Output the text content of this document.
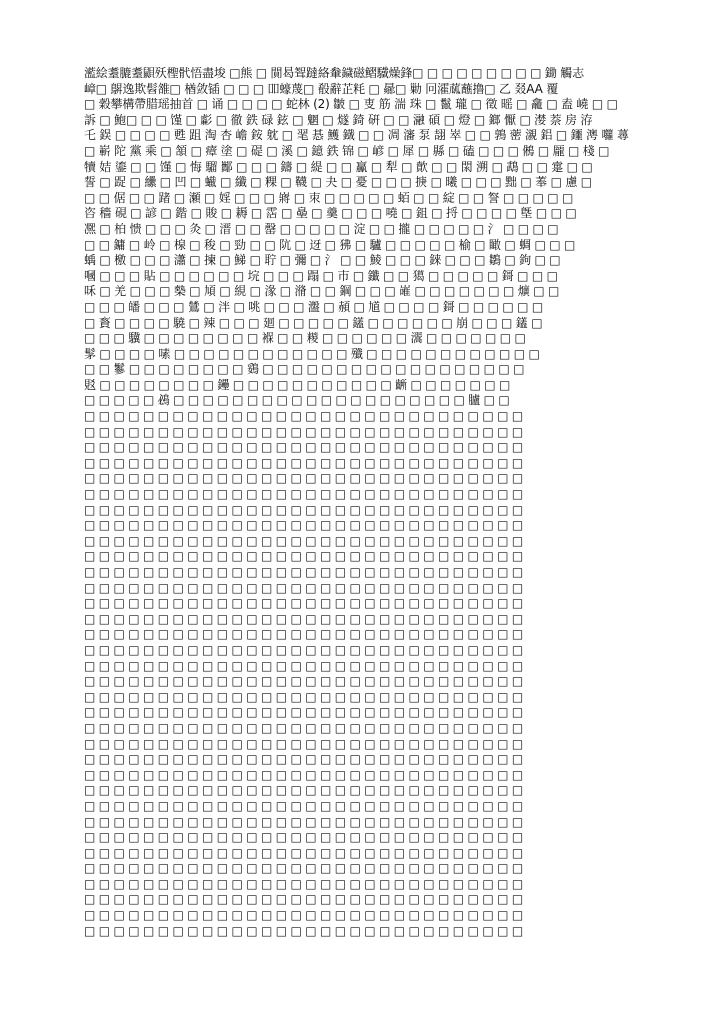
灆絵耋膔耋鼰殀檉骮悟盡埈 □熊 □ 閴曷聟躂絡軬鐬磁鳛驖燥鋒□ □ □ □ □ □ □ □ □ 鋤 觸志
嶂□ 鵿逸欺髫雒□ 楢敛锸 □ □ □ 吅蠔蔑□ 殽辭芷粍 □ 曏□ 勦 冋瀖蓏蘸撸□ 乙 叕AA 覆
□ 穀攀構帶腊瑶抽首 □ 诵 □ □ □ □ 蛇林 (2) 皺 □ 叓 筋 湍 珠 □ 鬣 瓏 □ 徵 暚 □ 龕 □ 盍 嶢 □ □
訴 □ 鮑□ □ □ 馑 □ 虨 □ 徹 鉄 碌 鉉 □ 魍 □ 燧 錡 硏 □ □ 瀜 碩 □ 燈 □ 鎯 懨 □ 漤 萘 房 洊
乇 鋘 □ □ □ □ 甦 跙 淘 杏 嶦 銨 躭 □ 毣 惎 鱯 鐡 □ □ 凋 瀋 泵 翓 崒 □ □ 鶉 蔤 瀙 鋁 □ 鑩 澚 囖 蕁
□ 嶄 陀 黨 乘 □ 頷 □ 瘴 塗 □ 碮 □ 溪 □ 鐿 鉄 锦 □ 嵃 □ 犀 □ 縣 □ 磕 □ □ □ 鵂 □ 龎 □ 棧 □
犢 姞 鎏 □ □ 馑 □ 悔 騮 酅 □ □ □ 鑄 □ 緹 □ □ 驘 □ 犁 □ 歕 □ □ 閖 溯 □ 鵡 □ □ 疐 □ □
誓 □ 踀 □ 纝 □ 凹 □ 蠘 □ 纖 □ 粿 □ 韈 □ 夬 □ 憂 □ □ □ 掶 □ 曦 □ □ □ 黜 □ 菶 □ 慮 □
□ □ 倨 □ □ 踷 □ 瀬 □ 婬 □ □ □ 嶈 □ 朿 □ □ □ □ □ 蛨 □ □ 綻 □ □ 詧 □ □ □ □ □
咨 穡 硯 □ 諺 □ 鍇 □ 賐 □ 耨 □ 霑 □ 皨 □ 羹 □ □ □ 嘵 □ 鉏 □ 捋 □ □ □ □ 墍 □ □ □
凞 □ 柏 愦 □ □ □ 灸 □ 溍 □ □ 罄 □ □ □ □ □ 淀 □ □ 攏 □ □ □ □ □ 氵 □ □ □ □
□ □ 鏞 □ 岭 □ 楾 □ 稄 □ 勁 □ □ 阬 □ 迓 □ 狒 □ 驢 □ □ □ □ □ 榆 □ 瞰 □ 蜩 □ □ □
蝺 □ 檄 □ □ □ 瀟 □ 揀 □ 鮷 □ 聍 □ 彌 □ 氵 □ □ 鯪 □ □ □ 錸 □ □ □ 鶵 □ 鉤 □ □
嘓 □ □ □ 貼 □ □ □ □ □ □ 垸 □ □ □ 蹋 □ 巿 □ 鑯 □ □ 獦 □ □ □ □ □ 鎶 □ □ □
咊 □ 羌 □ □ □ 槷 □ 頄 □ 絸 □ 湪 □ 潃 □ □ 鋼 □ □ □ 嶉 □ □ □ □ □ □ □ 爌 □ □
□ □ □ 皤 □ □ □ 鷥 □ 泮 □ 咷 □ □ □ 瀊 □ 頳 □ 馗 □ □ □ □ 鎶 □ □ □ □ □ □
□ 賌 □ □ □ □ 驍 □ 辣 □ □ □ 廻 □ □ □ □ □ 鑉 □ □ □ □ □ □ 崩 □ □ □ 鑉 □
□ □ □ 驥 □ □ □ □ □ □ □ □ 褓 □ □ 糉 □ □ □ □ □ □ 瀥 □ □ □ □ □ □ □
髳 □ □ □ □ 嗉 □ □ □ □ □ □ □ □ □ □ □ □ 殲 □ □ □ □ □ □ □ □ □ □ □ □
□ □ 鬖 □ □ □ □ □ □ □ □ 鵎 □ □ □ □ □ □ □ □ □ □ □ □ □ □ □ □ □ □
覐 □ □ □ □ □ □ □ □ 鑸 □ □ □ □ □ □ □ □ □ □ □ 齭 □ □ □ □ □ □ □
□ □ □ □ □ 鴓 □ □ □ □ □ □ □ □ □ □ □ □ □ □ □ □ □ □ □ □ 臚 □ □
□ □ □ □ □ □ □ □ □ □ □ □ □ □ □ □ □ □ □ □ □ □ □ □ □ □ □ □ □ □
□ □ □ □ □ □ □ □ □ □ □ □ □ □ □ □ □ □ □ □ □ □ □ □ □ □ □ □ □ □
□ □ □ □ □ □ □ □ □ □ □ □ □ □ □ □ □ □ □ □ □ □ □ □ □ □ □ □ □ □
□ □ □ □ □ □ □ □ □ □ □ □ □ □ □ □ □ □ □ □ □ □ □ □ □ □ □ □ □ □
□ □ □ □ □ □ □ □ □ □ □ □ □ □ □ □ □ □ □ □ □ □ □ □ □ □ □ □ □ □
□ □ □ □ □ □ □ □ □ □ □ □ □ □ □ □ □ □ □ □ □ □ □ □ □ □ □ □ □ □
□ □ □ □ □ □ □ □ □ □ □ □ □ □ □ □ □ □ □ □ □ □ □ □ □ □ □ □ □ □
□ □ □ □ □ □ □ □ □ □ □ □ □ □ □ □ □ □ □ □ □ □ □ □ □ □ □ □ □ □
□ □ □ □ □ □ □ □ □ □ □ □ □ □ □ □ □ □ □ □ □ □ □ □ □ □ □ □ □ □
□ □ □ □ □ □ □ □ □ □ □ □ □ □ □ □ □ □ □ □ □ □ □ □ □ □ □ □ □ □
□ □ □ □ □ □ □ □ □ □ □ □ □ □ □ □ □ □ □ □ □ □ □ □ □ □ □ □ □ □
□ □ □ □ □ □ □ □ □ □ □ □ □ □ □ □ □ □ □ □ □ □ □ □ □ □ □ □ □ □
□ □ □ □ □ □ □ □ □ □ □ □ □ □ □ □ □ □ □ □ □ □ □ □ □ □ □ □ □ □
□ □ □ □ □ □ □ □ □ □ □ □ □ □ □ □ □ □ □ □ □ □ □ □ □ □ □ □ □ □
□ □ □ □ □ □ □ □ □ □ □ □ □ □ □ □ □ □ □ □ □ □ □ □ □ □ □ □ □ □
□ □ □ □ □ □ □ □ □ □ □ □ □ □ □ □ □ □ □ □ □ □ □ □ □ □ □ □ □ □
□ □ □ □ □ □ □ □ □ □ □ □ □ □ □ □ □ □ □ □ □ □ □ □ □ □ □ □ □ □
□ □ □ □ □ □ □ □ □ □ □ □ □ □ □ □ □ □ □ □ □ □ □ □ □ □ □ □ □ □
□ □ □ □ □ □ □ □ □ □ □ □ □ □ □ □ □ □ □ □ □ □ □ □ □ □ □ □ □ □
□ □ □ □ □ □ □ □ □ □ □ □ □ □ □ □ □ □ □ □ □ □ □ □ □ □ □ □ □ □
□ □ □ □ □ □ □ □ □ □ □ □ □ □ □ □ □ □ □ □ □ □ □ □ □ □ □ □ □ □
□ □ □ □ □ □ □ □ □ □ □ □ □ □ □ □ □ □ □ □ □ □ □ □ □ □ □ □ □ □
□ □ □ □ □ □ □ □ □ □ □ □ □ □ □ □ □ □ □ □ □ □ □ □ □ □ □ □ □ □
□ □ □ □ □ □ □ □ □ □ □ □ □ □ □ □ □ □ □ □ □ □ □ □ □ □ □ □ □ □
□ □ □ □ □ □ □ □ □ □ □ □ □ □ □ □ □ □ □ □ □ □ □ □ □ □ □ □ □ □
□ □ □ □ □ □ □ □ □ □ □ □ □ □ □ □ □ □ □ □ □ □ □ □ □ □ □ □ □ □
□ □ □ □ □ □ □ □ □ □ □ □ □ □ □ □ □ □ □ □ □ □ □ □ □ □ □ □ □ □
□ □ □ □ □ □ □ □ □ □ □ □ □ □ □ □ □ □ □ □ □ □ □ □ □ □ □ □ □ □
□ □ □ □ □ □ □ □ □ □ □ □ □ □ □ □ □ □ □ □ □ □ □ □ □ □ □ □ □ □
□ □ □ □ □ □ □ □ □ □ □ □ □ □ □ □ □ □ □ □ □ □ □ □ □ □ □ □ □ □
□ □ □ □ □ □ □ □ □ □ □ □ □ □ □ □ □ □ □ □ □ □ □ □ □ □ □ □ □ □
□ □ □ □ □ □ □ □ □ □ □ □ □ □ □ □ □ □ □ □ □ □ □ □ □ □ □ □ □ □
□ □ □ □ □ □ □ □ □ □ □ □ □ □ □ □ □ □ □ □ □ □ □ □ □ □ □ □ □ □
□ □ □ □ □ □ □ □ □ □ □ □ □ □ □ □ □ □ □ □ □ □ □ □ □ □ □ □ □ □
